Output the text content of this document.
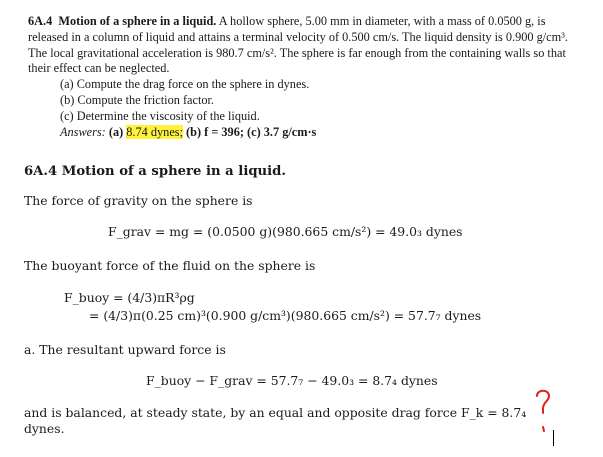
6A.4 Motion of a sphere in a liquid. A hollow sphere, 5.00 mm in diameter, with a mass of 0.0500 g, is released in a column of liquid and attains a terminal velocity of 0.500 cm/s. The liquid density is 0.900 g/cm³. The local gravitational acceleration is 980.7 cm/s². The sphere is far enough from the containing walls so that their effect can be neglected.
(a) Compute the drag force on the sphere in dynes.
(b) Compute the friction factor.
(c) Determine the viscosity of the liquid.
Answers: (a) 8.74 dynes; (b) f = 396; (c) 3.7 g/cm·s
6A.4 Motion of a sphere in a liquid.
The force of gravity on the sphere is
F_grav = mg = (0.0500 g)(980.665 cm/s²) = 49.0₃ dynes
The buoyant force of the fluid on the sphere is
F_buoy = (4/3)πR³ρg
= (4/3)π(0.25 cm)³(0.900 g/cm³)(980.665 cm/s²) = 57.7₇ dynes
a. The resultant upward force is
F_buoy − F_grav = 57.7₇ − 49.0₃ = 8.7₄ dynes
and is balanced, at steady state, by an equal and opposite drag force F_k = 8.7₄
dynes.
